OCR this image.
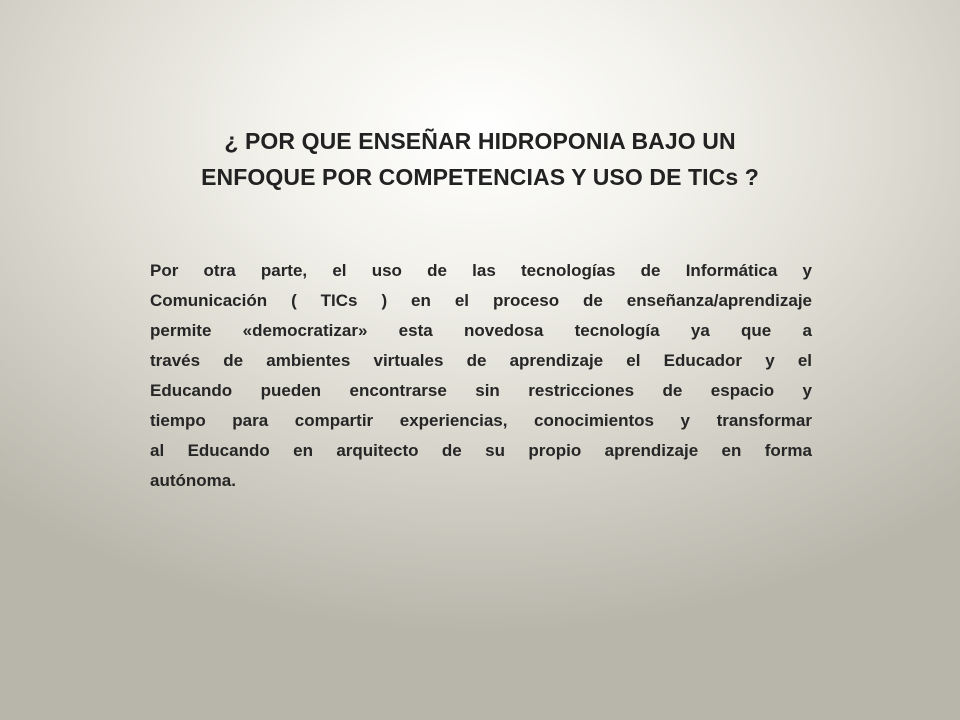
¿ POR QUE ENSEÑAR HIDROPONIA BAJO UN
ENFOQUE POR COMPETENCIAS Y USO DE TICs ?
Por otra parte, el uso de las tecnologías de Informática y
Comunicación ( TICs ) en el proceso de enseñanza/aprendizaje
permite «democratizar» esta novedosa tecnología ya que a
través de ambientes virtuales de aprendizaje el Educador y el
Educando pueden encontrarse sin restricciones de espacio y
tiempo para compartir experiencias, conocimientos y transformar
al Educando en arquitecto de su propio aprendizaje en forma
autónoma.
